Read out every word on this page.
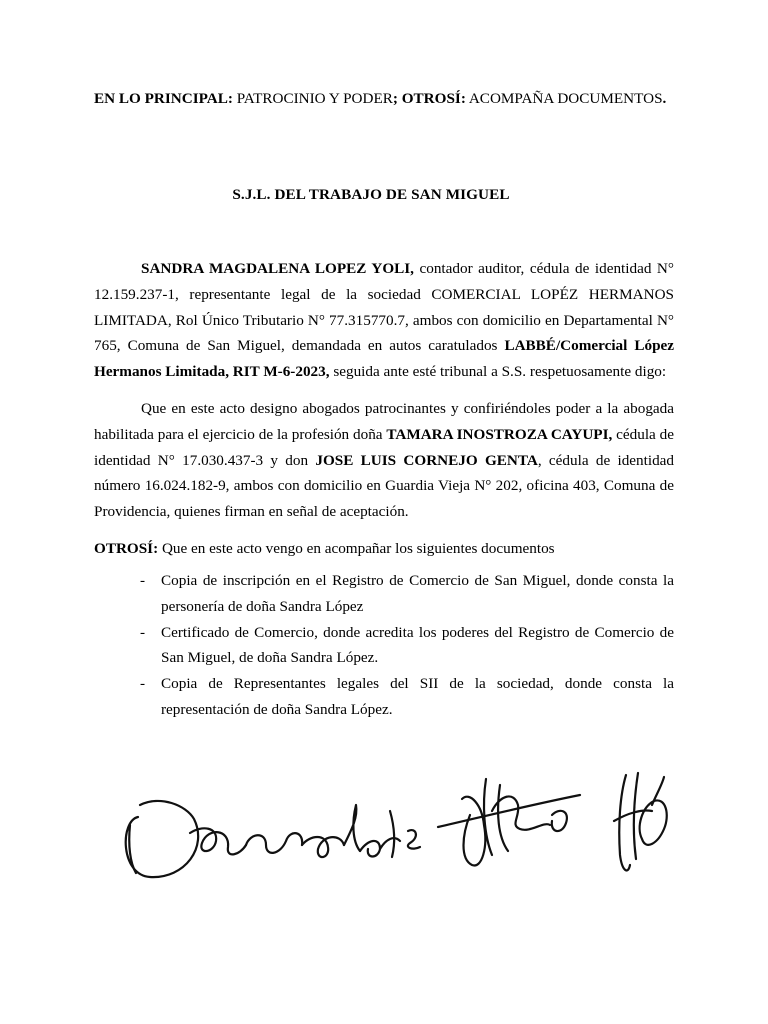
EN LO PRINCIPAL: PATROCINIO Y PODER; OTROSÍ: ACOMPAÑA DOCUMENTOS.
S.J.L. DEL TRABAJO DE SAN MIGUEL

SANDRA MAGDALENA LOPEZ YOLI, contador auditor, cédula de identidad N° 12.159.237-1, representante legal de la sociedad COMERCIAL LOPÉZ HERMANOS LIMITADA, Rol Único Tributario N° 77.315770.7, ambos con domicilio en Departamental N° 765, Comuna de San Miguel, demandada en autos caratulados LABBÉ/Comercial López Hermanos Limitada, RIT M-6-2023, seguida ante esté tribunal a S.S. respetuosamente digo:

Que en este acto designo abogados patrocinantes y confiriéndoles poder a la abogada habilitada para el ejercicio de la profesión doña TAMARA INOSTROZA CAYUPI, cédula de identidad N° 17.030.437-3 y don JOSE LUIS CORNEJO GENTA, cédula de identidad número 16.024.182-9, ambos con domicilio en Guardia Vieja N° 202, oficina 403, Comuna de Providencia, quienes firman en señal de aceptación.

OTROSÍ: Que en este acto vengo en acompañar los siguientes documentos

- Copia de inscripción en el Registro de Comercio de San Miguel, donde consta la personería de doña Sandra López
- Certificado de Comercio, donde acredita los poderes del Registro de Comercio de San Miguel, de doña Sandra López.
- Copia de Representantes legales del SII de la sociedad, donde consta la representación de doña Sandra López.
